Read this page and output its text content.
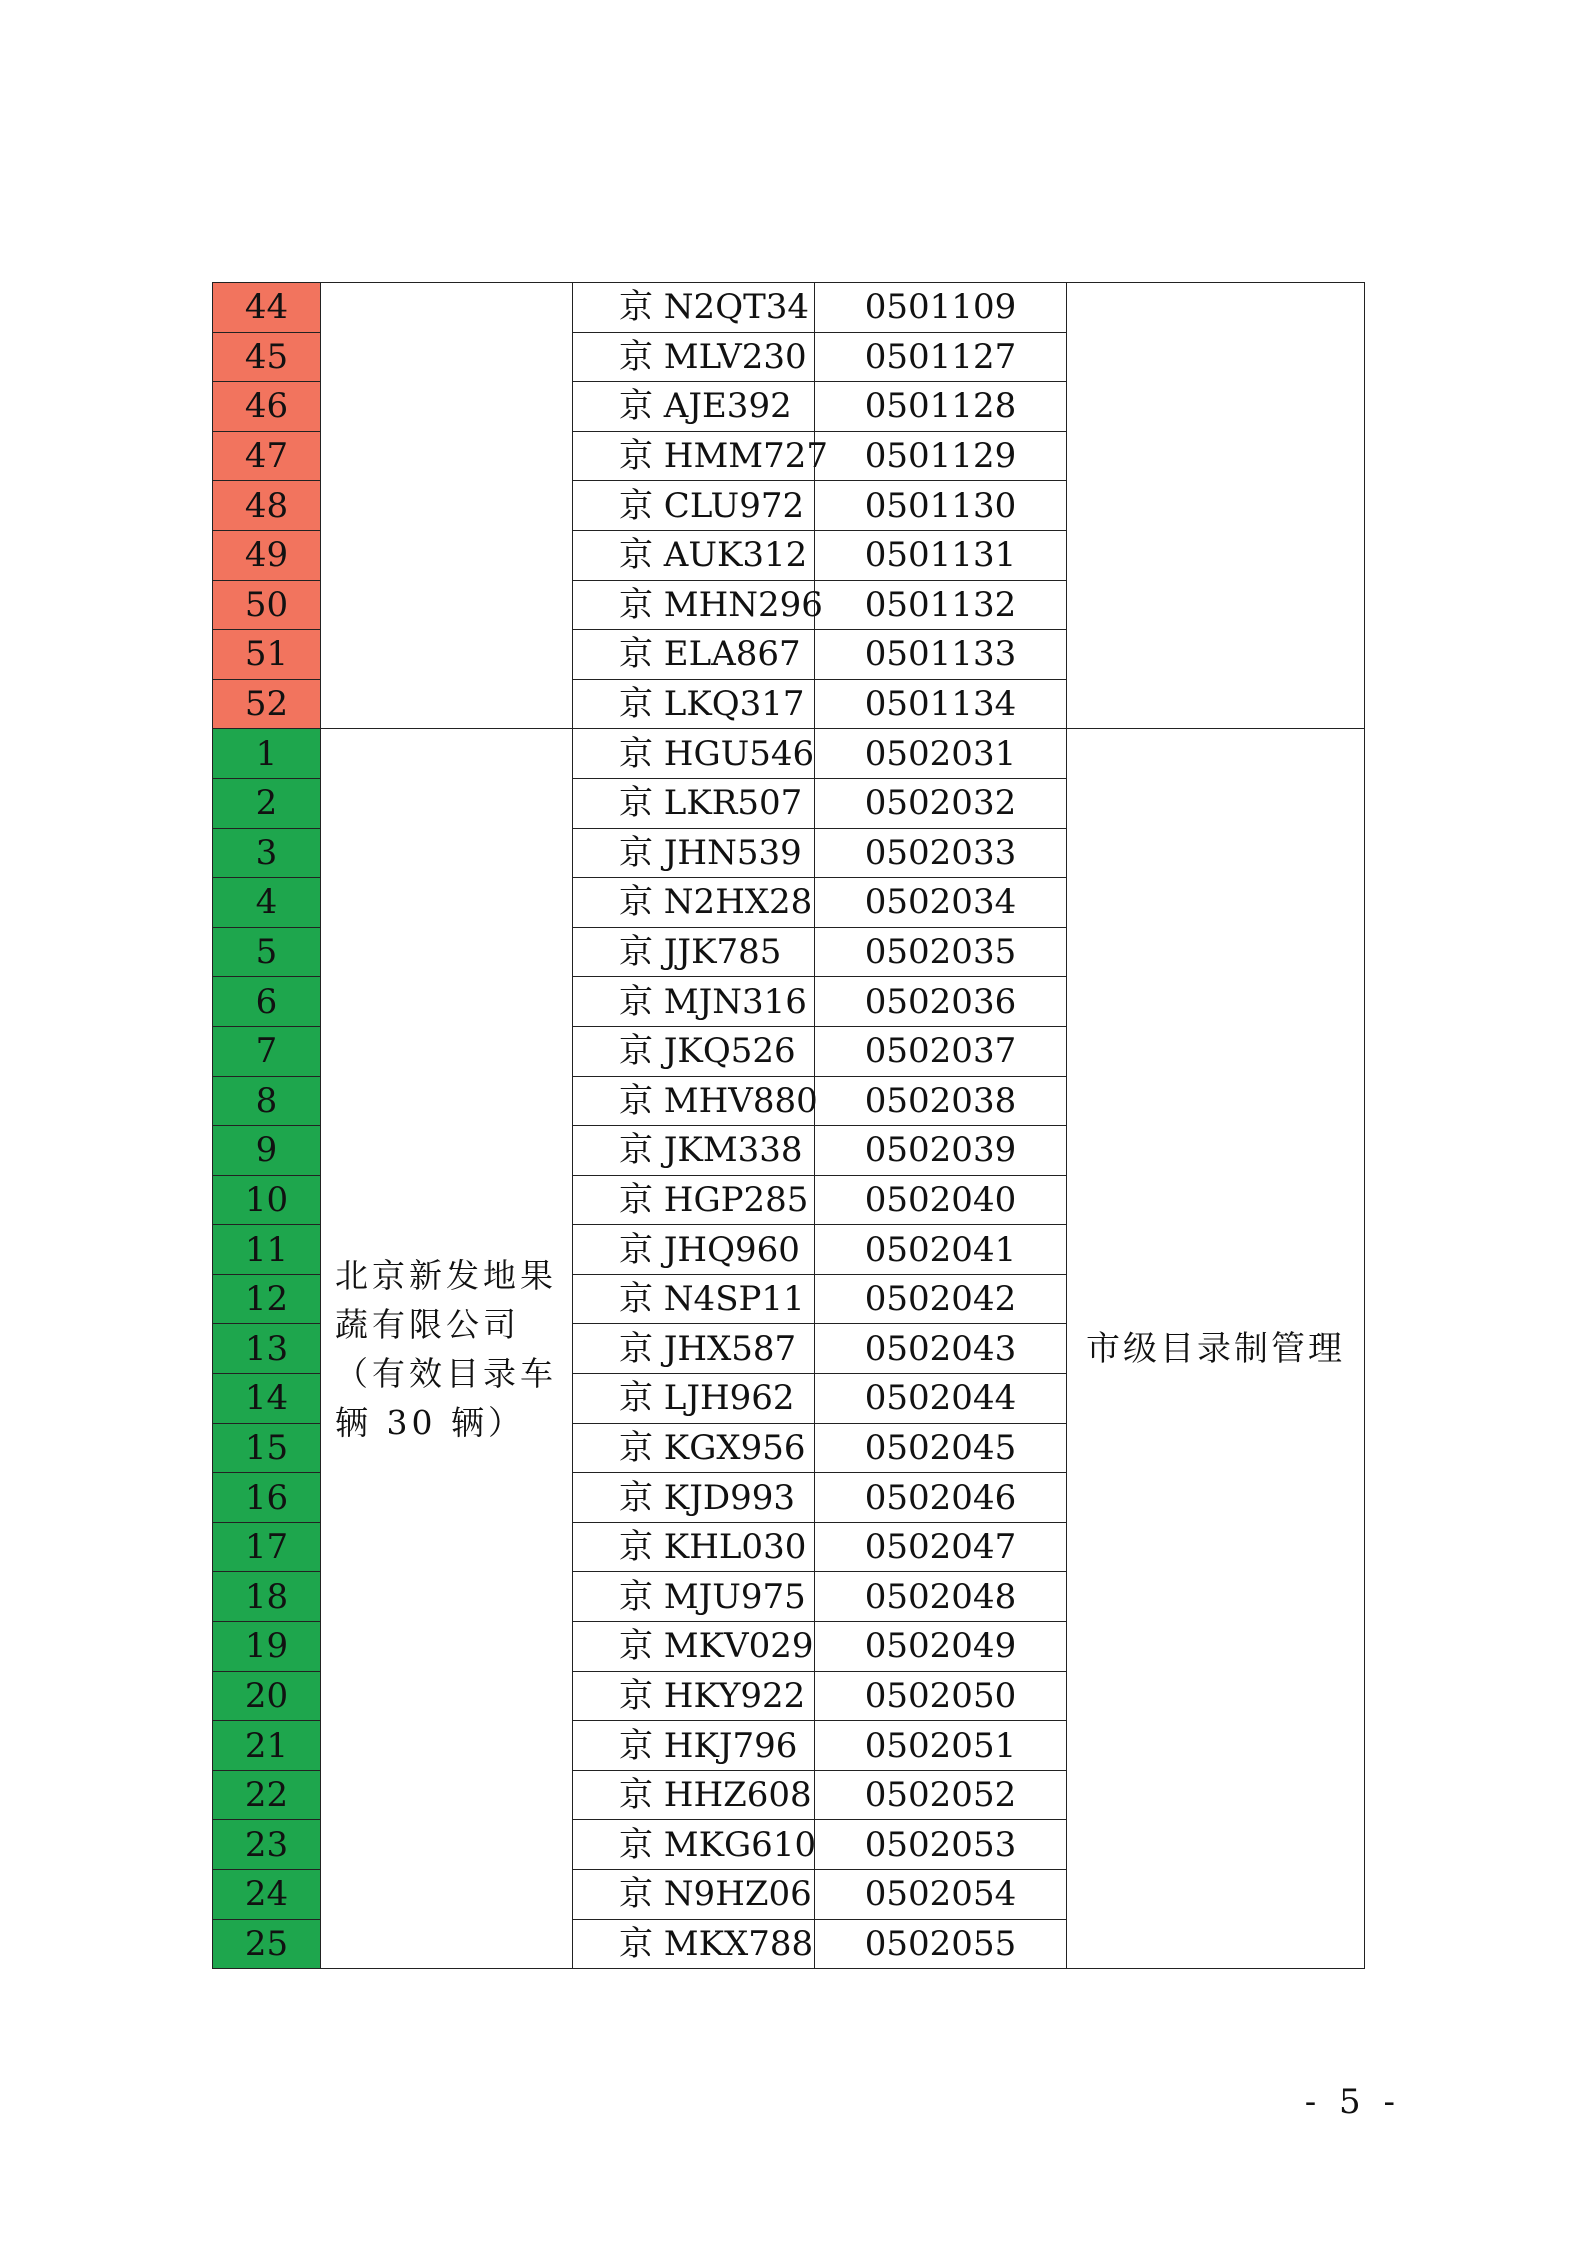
44		京 N2QT34	0501109	
45		京 MLV230	0501127	
46		京 AJE392	0501128	
47		京 HMM727	0501129	
48		京 CLU972	0501130	
49		京 AUK312	0501131	
50		京 MHN296	0501132	
51		京 ELA867	0501133	
52		京 LKQ317	0501134	
1	北京新发地果蔬有限公司（有效目录车辆 30 辆）	京 HGU546	0502031	市级目录制管理
2		京 LKR507	0502032	
3		京 JHN539	0502033	
4		京 N2HX28	0502034	
5		京 JJK785	0502035	
6		京 MJN316	0502036	
7		京 JKQ526	0502037	
8		京 MHV880	0502038	
9		京 JKM338	0502039	
10		京 HGP285	0502040	
11		京 JHQ960	0502041	
12		京 N4SP11	0502042	
13		京 JHX587	0502043	
14		京 LJH962	0502044	
15		京 KGX956	0502045	
16		京 KJD993	0502046	
17		京 KHL030	0502047	
18		京 MJU975	0502048	
19		京 MKV029	0502049	
20		京 HKY922	0502050	
21		京 HKJ796	0502051	
22		京 HHZ608	0502052	
23		京 MKG610	0502053	
24		京 N9HZ06	0502054	
25		京 MKX788	0502055	
- 5 -
